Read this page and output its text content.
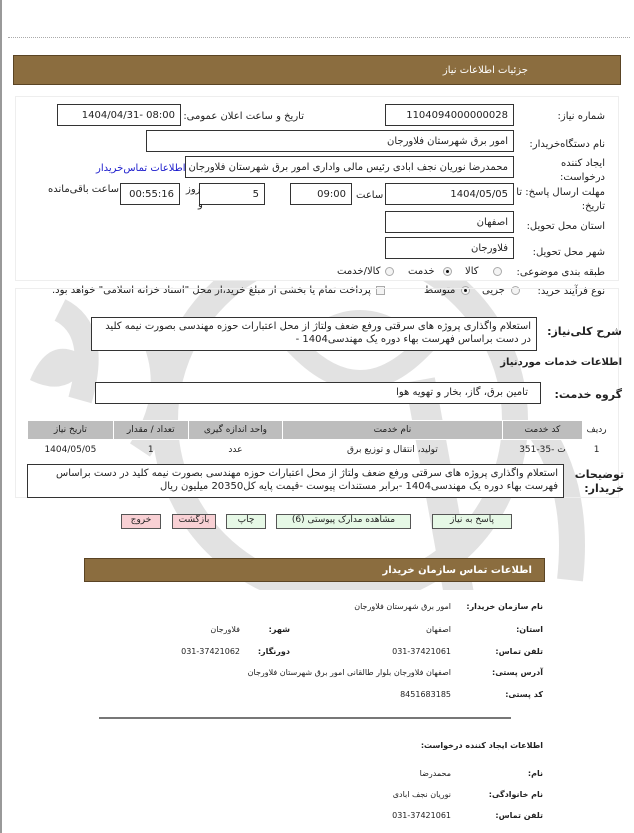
جزئیات اطلاعات نیاز
شماره نیاز:
1104094000000028
تاریخ و ساعت اعلان عمومی:
1404/04/31- 08:00
نام دستگاه‌خریدار:
امور برق شهرستان فلاورجان
ایجاد کننده درخواست:
محمدرضا نوریان نجف ابادی رئیس مالی واداری امور برق شهرستان فلاورجان
اطلاعات تماس‌خریدار
مهلت ارسال پاسخ: تا تاریخ:
1404/05/05
ساعت
09:00
5
روز
و
00:55:16
ساعت باقی‌مانده
استان محل تحویل:
اصفهان
شهر محل تحویل:
فلاورجان
طبقه بندی موضوعی:
کالا
خدمت
کالا/خدمت
نوع فرآیند خرید:
جزیی
متوسط
پرداخت تمام یا بخشی از مبلغ خرید،از محل "اسناد خزانه اسلامی" خواهد بود.
شرح کلی‌نیاز:
استعلام واگذاری پروژه های سرقتی ورفع ضعف ولتاژ از محل اعتبارات حوزه مهندسی بصورت نیمه کلید در دست براساس فهرست بهاء دوره یک مهندسی1404 -
اطلاعات خدمات موردنیاز
گروه خدمت:
تامین برق، گاز، بخار و تهویه هوا
ردیف	کد خدمت	نام خدمت	واحد اندازه گیری	تعداد / مقدار	تاریخ نیاز
1	ت -35-351	تولید، انتقال و توزیع برق	عدد	1	1404/05/05
توضیحات خریدار:
استعلام واگذاری پروژه های سرقتی ورفع ضعف ولتاژ از محل اعتبارات حوزه مهندسی بصورت نیمه کلید در دست براساس فهرست بهاء دوره یک مهندسی1404 -برابر مستندات پیوست -قیمت پایه کل20350 میلیون ریال
پاسخ به نیاز
مشاهده مدارک پیوستی (6)
چاپ
بازگشت
خروج
اطلاعات تماس سازمان خریدار
نام سازمان خریدار:
امور برق شهرستان فلاورجان
استان:
اصفهان
شهر:
فلاورجان
تلفن تماس:
031-37421061
دورنگار:
031-37421062
آدرس پستی:
اصفهان فلاورجان بلوار طالقانی امور برق شهرستان فلاورجان
کد پستی:
8451683185
اطلاعات ایجاد کننده درخواست:
نام:
محمدرضا
نام خانوادگی:
نوریان نجف ابادی
تلفن تماس:
031-37421061
